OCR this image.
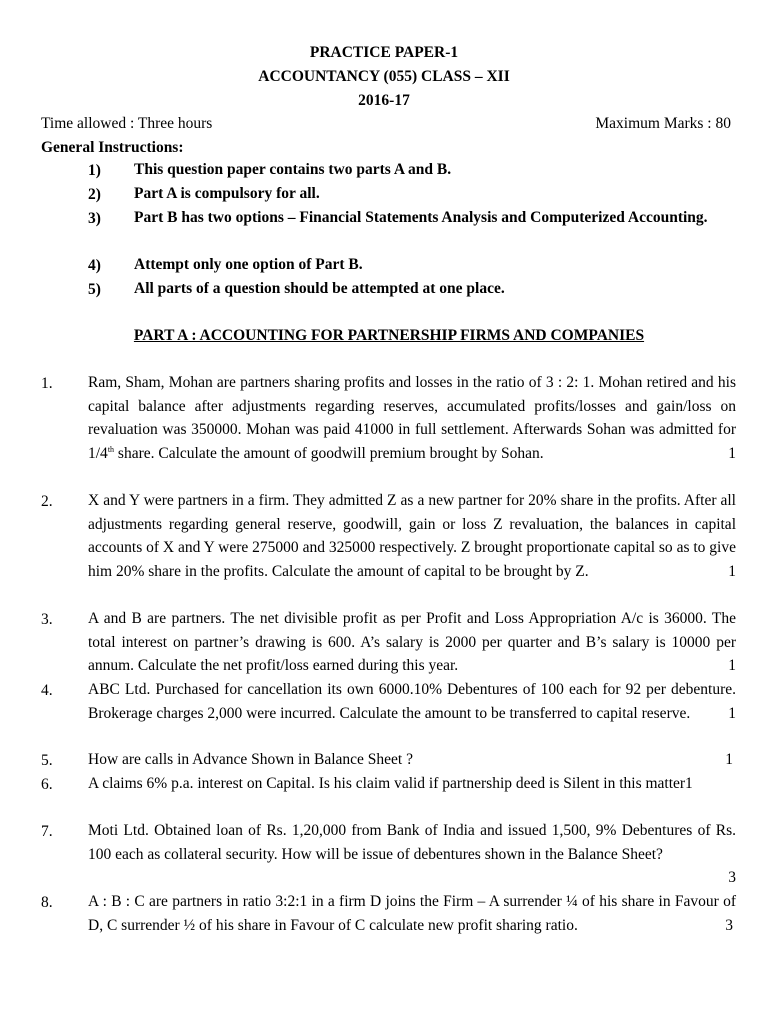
PRACTICE PAPER-1
ACCOUNTANCY (055) CLASS – XII
2016-17
Time allowed : Three hours	Maximum Marks : 80
General Instructions:
1) This question paper contains two parts A and B.
2) Part A is compulsory for all.
3) Part B has two options – Financial Statements Analysis and Computerized Accounting.
4) Attempt only one option of Part B.
5) All parts of a question should be attempted at one place.
PART A : ACCOUNTING FOR PARTNERSHIP FIRMS AND COMPANIES
1. Ram, Sham, Mohan are partners sharing profits and losses in the ratio of 3 : 2: 1. Mohan retired and his capital balance after adjustments regarding reserves, accumulated profits/losses and gain/loss on revaluation was 350000. Mohan was paid 41000 in full settlement. Afterwards Sohan was admitted for 1/4th share. Calculate the amount of goodwill premium brought by Sohan.	1
2. X and Y were partners in a firm. They admitted Z as a new partner for 20% share in the profits. After all adjustments regarding general reserve, goodwill, gain or loss Z revaluation, the balances in capital accounts of X and Y were 275000 and 325000 respectively. Z brought proportionate capital so as to give him 20% share in the profits. Calculate the amount of capital to be brought by Z.	1
3. A and B are partners. The net divisible profit as per Profit and Loss Appropriation A/c is 36000. The total interest on partner’s drawing is 600. A’s salary is 2000 per quarter and B’s salary is 10000 per annum. Calculate the net profit/loss earned during this year.	1
4. ABC Ltd. Purchased for cancellation its own 6000.10% Debentures of 100 each for 92 per debenture. Brokerage charges 2,000 were incurred. Calculate the amount to be transferred to capital reserve. 1
5. How are calls in Advance Shown in Balance Sheet ?	1
6. A claims 6% p.a. interest on Capital. Is his claim valid if partnership deed is Silent in this matter1
7. Moti Ltd. Obtained loan of Rs. 1,20,000 from Bank of India and issued 1,500, 9% Debentures of Rs. 100 each as collateral security. How will be issue of debentures shown in the Balance Sheet?
3
8. A : B : C are partners in ratio 3:2:1 in a firm D joins the Firm – A surrender ¼ of his share in Favour of D, C surrender ½ of his share in Favour of C calculate new profit sharing ratio.	3
